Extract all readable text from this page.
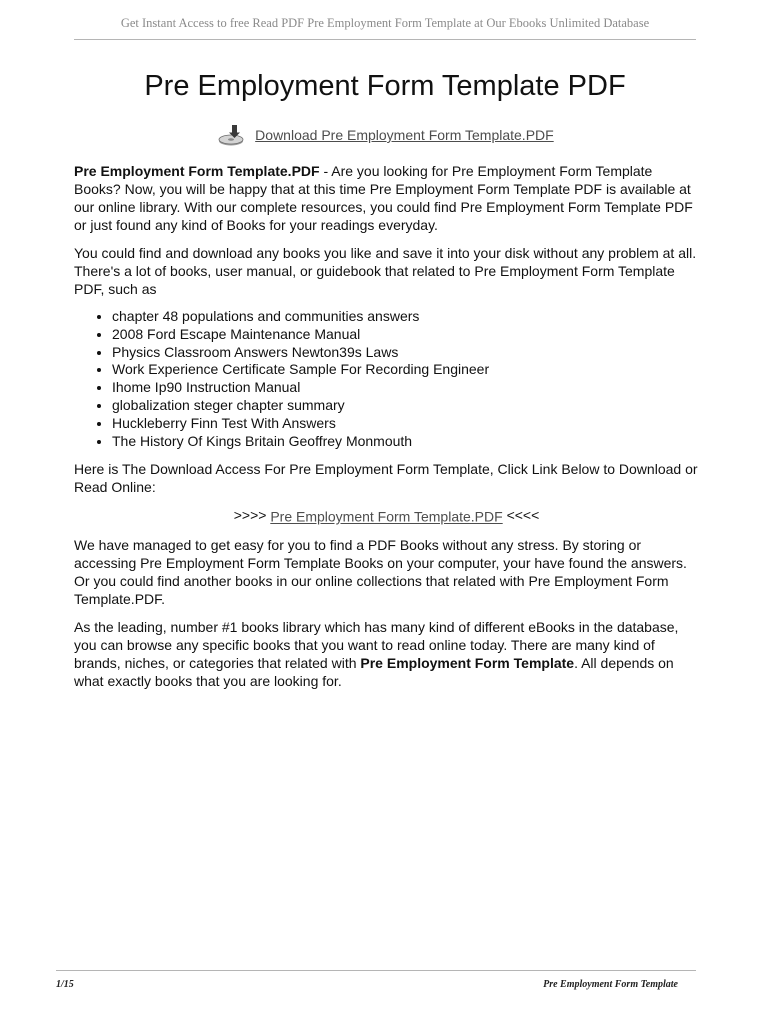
Get Instant Access to free Read PDF Pre Employment Form Template at Our Ebooks Unlimited Database
Pre Employment Form Template PDF
Download Pre Employment Form Template.PDF

Pre Employment Form Template.PDF - Are you looking for Pre Employment Form Template Books? Now, you will be happy that at this time Pre Employment Form Template PDF is available at our online library. With our complete resources, you could find Pre Employment Form Template PDF or just found any kind of Books for your readings everyday.

You could find and download any books you like and save it into your disk without any problem at all. There's a lot of books, user manual, or guidebook that related to Pre Employment Form Template PDF, such as

• chapter 48 populations and communities answers
• 2008 Ford Escape Maintenance Manual
• Physics Classroom Answers Newton39s Laws
• Work Experience Certificate Sample For Recording Engineer
• Ihome Ip90 Instruction Manual
• globalization steger chapter summary
• Huckleberry Finn Test With Answers
• The History Of Kings Britain Geoffrey Monmouth

Here is The Download Access For Pre Employment Form Template, Click Link Below to Download or Read Online:

>>>> Pre Employment Form Template.PDF <<<<

We have managed to get easy for you to find a PDF Books without any stress. By storing or accessing Pre Employment Form Template Books on your computer, your have found the answers. Or you could find another books in our online collections that related with Pre Employment Form Template.PDF.

As the leading, number #1 books library which has many kind of different eBooks in the database, you can browse any specific books that you want to read online today. There are many kind of brands, niches, or categories that related with Pre Employment Form Template. All depends on what exactly books that you are looking for.

1/15	Pre Employment Form Template
